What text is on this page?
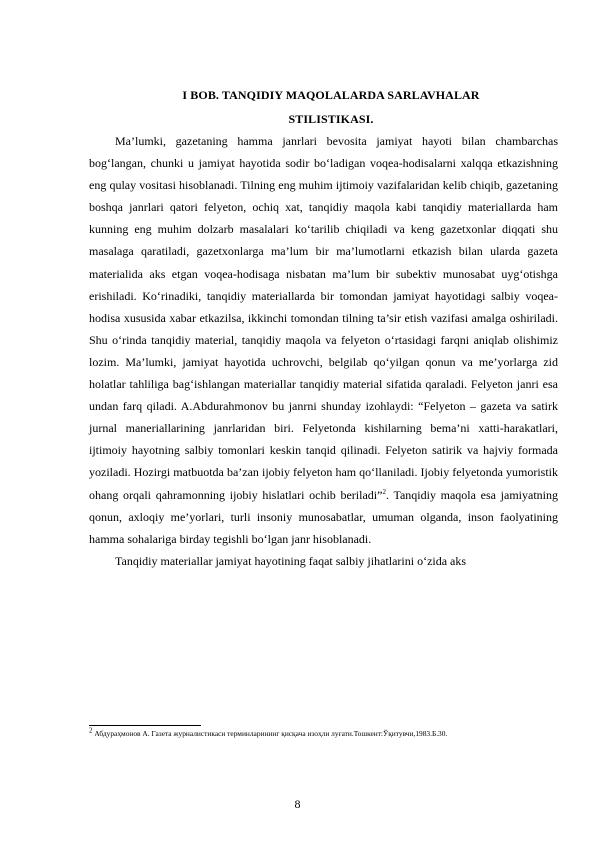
I BOB. TANQIDIY MAQOLALARDA SARLAVHALAR
STILISTIKASI.

Ma’lumki, gazetaning hamma janrlari bevosita jamiyat hayoti bilan chambarchas bog‘langan, chunki u jamiyat hayotida sodir bo‘ladigan voqea-hodisalarni xalqqa etkazishning eng qulay vositasi hisoblanadi. Tilning eng muhim ijtimoiy vazifalaridan kelib chiqib, gazetaning boshqa janrlari qatori felyeton, ochiq xat, tanqidiy maqola kabi tanqidiy materiallarda ham kunning eng muhim dolzarb masalalari ko‘tarilib chiqiladi va keng gazetxonlar diqqati shu masalaga qaratiladi, gazetxonlarga ma’lum bir ma’lumotlarni etkazish bilan ularda gazeta materialida aks etgan voqea-hodisaga nisbatan ma’lum bir subektiv munosabat uyg‘otishga erishiladi. Ko‘rinadiki, tanqidiy materiallarda bir tomondan jamiyat hayotidagi salbiy voqea-hodisa xususida xabar etkazilsa, ikkinchi tomondan tilning ta’sir etish vazifasi amalga oshiriladi. Shu o‘rinda tanqidiy material, tanqidiy maqola va felyeton o‘rtasidagi farqni aniqlab olishimiz lozim. Ma’lumki, jamiyat hayotida uchrovchi, belgilab qo‘yilgan qonun va me’yorlarga zid holatlar tahliliga bag‘ishlangan materiallar tanqidiy material sifatida qaraladi. Felyeton janri esa undan farq qiladi. A.Abdurahmonov bu janrni shunday izohlaydi: “Felyeton – gazeta va satirk jurnal maneriallarining janrlaridan biri. Felyetonda kishilarning bema’ni xatti-harakatlari, ijtimoiy hayotning salbiy tomonlari keskin tanqid qilinadi. Felyeton satirik va hajviy formada yoziladi. Hozirgi matbuotda ba’zan ijobiy felyeton ham qo‘llaniladi. Ijobiy felyetonda yumoristik ohang orqali qahramonning ijobiy hislatlari ochib beriladi”$^2$. Tanqidiy maqola esa jamiyatning qonun, axloqiy me’yorlari, turli insoniy munosabatlar, umuman olganda, inson faolyatining hamma sohalariga birday tegishli bo‘lgan janr hisoblanadi.

Tanqidiy materiallar jamiyat hayotining faqat salbiy jihatlarini o‘zida aks

$^2$ Абдураҳмонов А. Газета журналистикаси терминларининг қисқача изоҳли луғати.Тошкент:Ўқитувчи,1983.Б.30.
8
